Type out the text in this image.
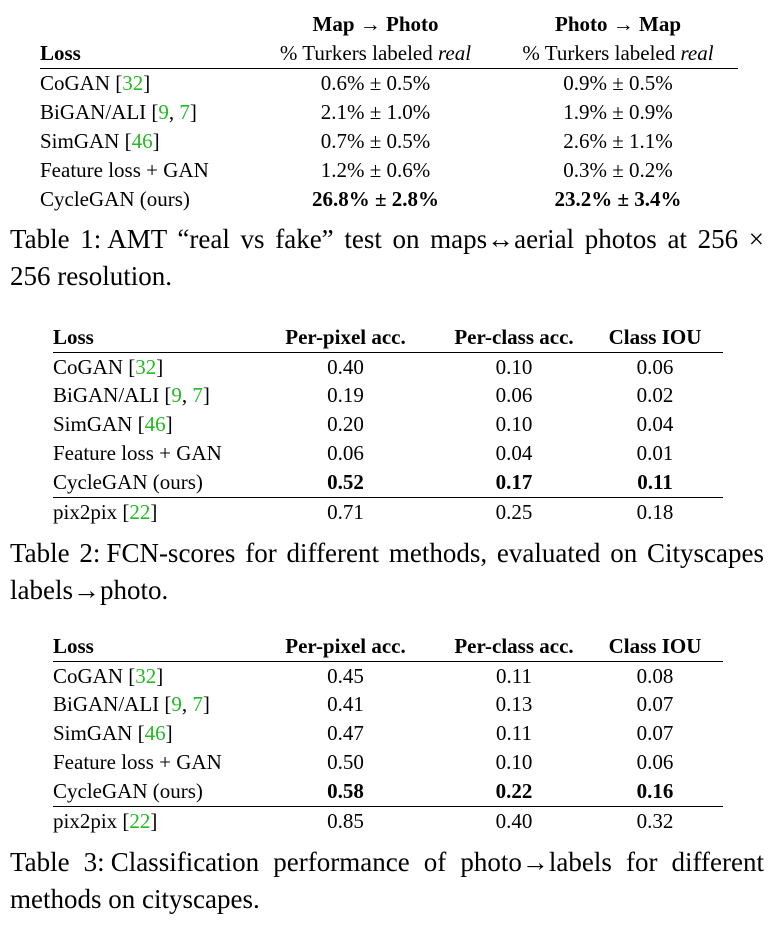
	Map → Photo	Photo → Map
Loss	% Turkers labeled real	% Turkers labeled real
CoGAN [32]	0.6% ± 0.5%	0.9% ± 0.5%
BiGAN/ALI [9, 7]	2.1% ± 1.0%	1.9% ± 0.9%
SimGAN [46]	0.7% ± 0.5%	2.6% ± 1.1%
Feature loss + GAN	1.2% ± 0.6%	0.3% ± 0.2%
CycleGAN (ours)	26.8% ± 2.8%	23.2% ± 3.4%
Table 1: AMT “real vs fake” test on maps↔aerial photos at 256 × 256 resolution.
Loss	Per-pixel acc.	Per-class acc.	Class IOU
CoGAN [32]	0.40	0.10	0.06
BiGAN/ALI [9, 7]	0.19	0.06	0.02
SimGAN [46]	0.20	0.10	0.04
Feature loss + GAN	0.06	0.04	0.01
CycleGAN (ours)	0.52	0.17	0.11
pix2pix [22]	0.71	0.25	0.18
Table 2: FCN-scores for different methods, evaluated on Cityscapes labels→photo.
Loss	Per-pixel acc.	Per-class acc.	Class IOU
CoGAN [32]	0.45	0.11	0.08
BiGAN/ALI [9, 7]	0.41	0.13	0.07
SimGAN [46]	0.47	0.11	0.07
Feature loss + GAN	0.50	0.10	0.06
CycleGAN (ours)	0.58	0.22	0.16
pix2pix [22]	0.85	0.40	0.32
Table 3: Classification performance of photo→labels for different methods on cityscapes.
